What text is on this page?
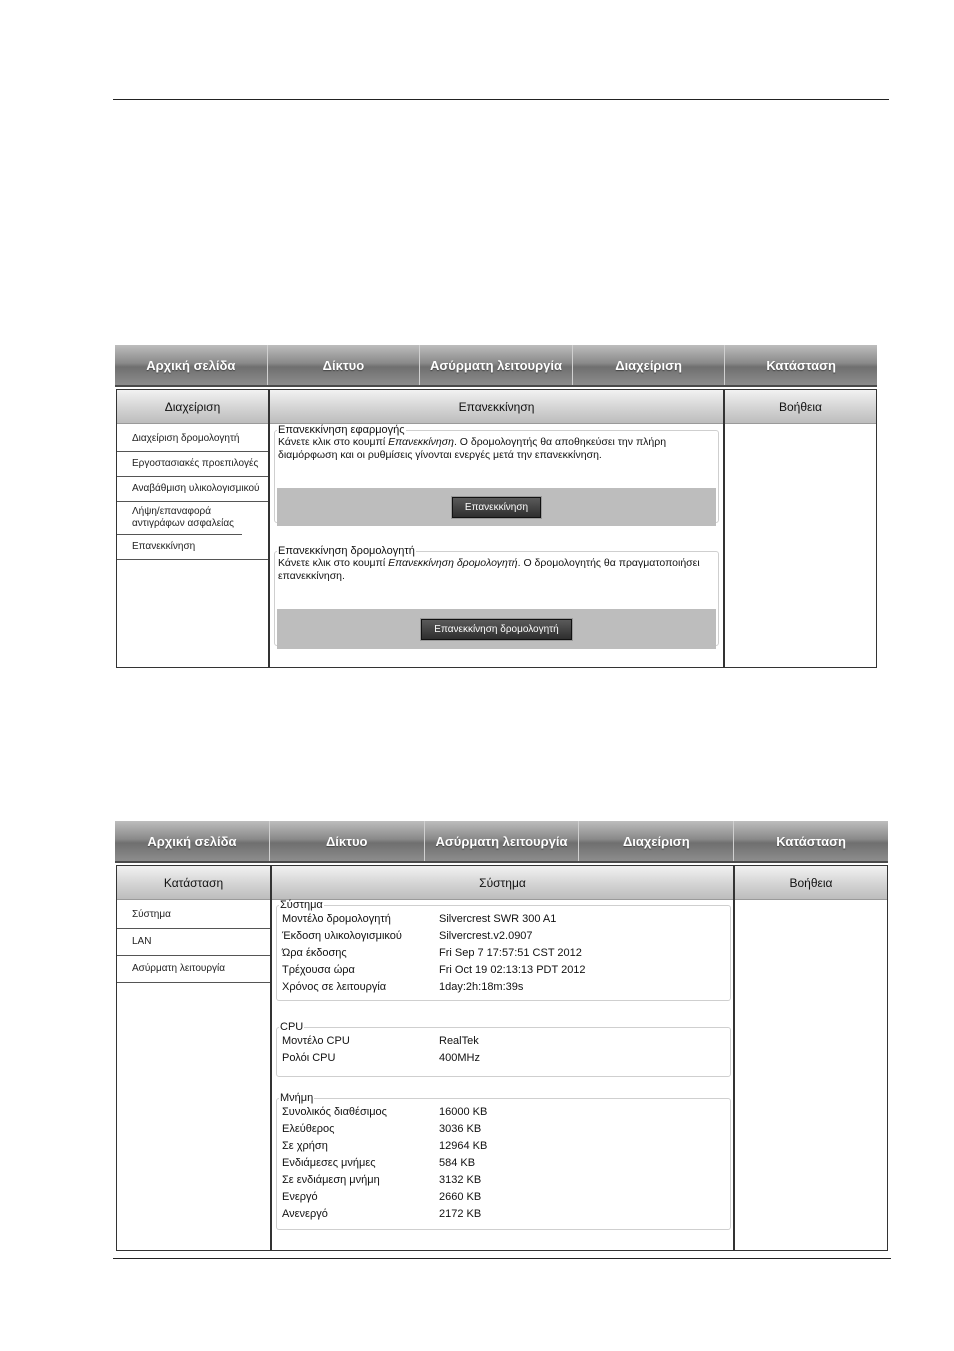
Αρχική σελίδα	Δίκτυο	Ασύρματη λειτουργία	Διαχείριση	Κατάσταση
Διαχείριση
Διαχείριση δρομολογητή
Εργοστασιακές προεπιλογές
Αναβάθμιση υλικολογισμικού
Λήψη/επαναφορά αντιγράφων ασφαλείας
Επανεκκίνηση
Επανεκκίνηση
Επανεκκίνηση εφαρμογής
Κάνετε κλικ στο κουμπί Επανεκκίνηση. Ο δρομολογητής θα αποθηκεύσει την πλήρη διαμόρφωση και οι ρυθμίσεις γίνονται ενεργές μετά την επανεκκίνηση.
Επανεκκίνηση
Επανεκκίνηση δρομολογητή
Κάνετε κλικ στο κουμπί Επανεκκίνηση δρομολογητή. Ο δρομολογητής θα πραγματοποιήσει επανεκκίνηση.
Επανεκκίνηση δρομολογητή
Βοήθεια
Αρχική σελίδα	Δίκτυο	Ασύρματη λειτουργία	Διαχείριση	Κατάσταση
Κατάσταση
Σύστημα
LAN
Ασύρματη λειτουργία
Σύστημα
Σύστημα
Μοντέλο δρομολογητή	Silvercrest SWR 300 A1
Έκδοση υλικολογισμικού	Silvercrest.v2.0907
Ώρα έκδοσης	Fri Sep 7 17:57:51 CST 2012
Τρέχουσα ώρα	Fri Oct 19 02:13:13 PDT 2012
Χρόνος σε λειτουργία	1day:2h:18m:39s
CPU
Μοντέλο CPU	RealTek
Ρολόι CPU	400MHz
Μνήμη
Συνολικός διαθέσιμος	16000 KB
Ελεύθερος	3036 KB
Σε χρήση	12964 KB
Ενδιάμεσες μνήμες	584 KB
Σε ενδιάμεση μνήμη	3132 KB
Ενεργό	2660 KB
Ανενεργό	2172 KB
Βοήθεια
